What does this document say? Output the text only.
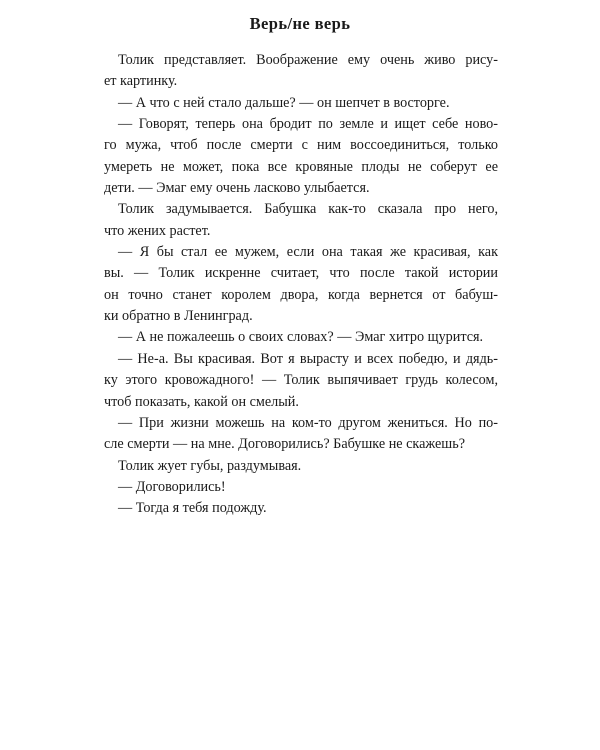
Верь/не верь
Толик представляет. Воображение ему очень живо рису-
ет картинку.
— А что с ней стало дальше? — он шепчет в восторге.
— Говорят, теперь она бродит по земле и ищет себе ново-
го мужа, чтоб после смерти с ним воссоединиться, только
умереть не может, пока все кровяные плоды не соберут ее
дети. — Эмаг ему очень ласково улыбается.
Толик задумывается. Бабушка как-то сказала про него,
что жених растет.
— Я бы стал ее мужем, если она такая же красивая, как
вы. — Толик искренне считает, что после такой истории
он точно станет королем двора, когда вернется от бабуш-
ки обратно в Ленинград.
— А не пожалеешь о своих словах? — Эмаг хитро щурится.
— Не-а. Вы красивая. Вот я вырасту и всех победю, и дядь-
ку этого кровожадного! — Толик выпячивает грудь колесом,
чтоб показать, какой он смелый.
— При жизни можешь на ком-то другом жениться. Но по-
сле смерти — на мне. Договорились? Бабушке не скажешь?
Толик жует губы, раздумывая.
— Договорились!
— Тогда я тебя подожду.
